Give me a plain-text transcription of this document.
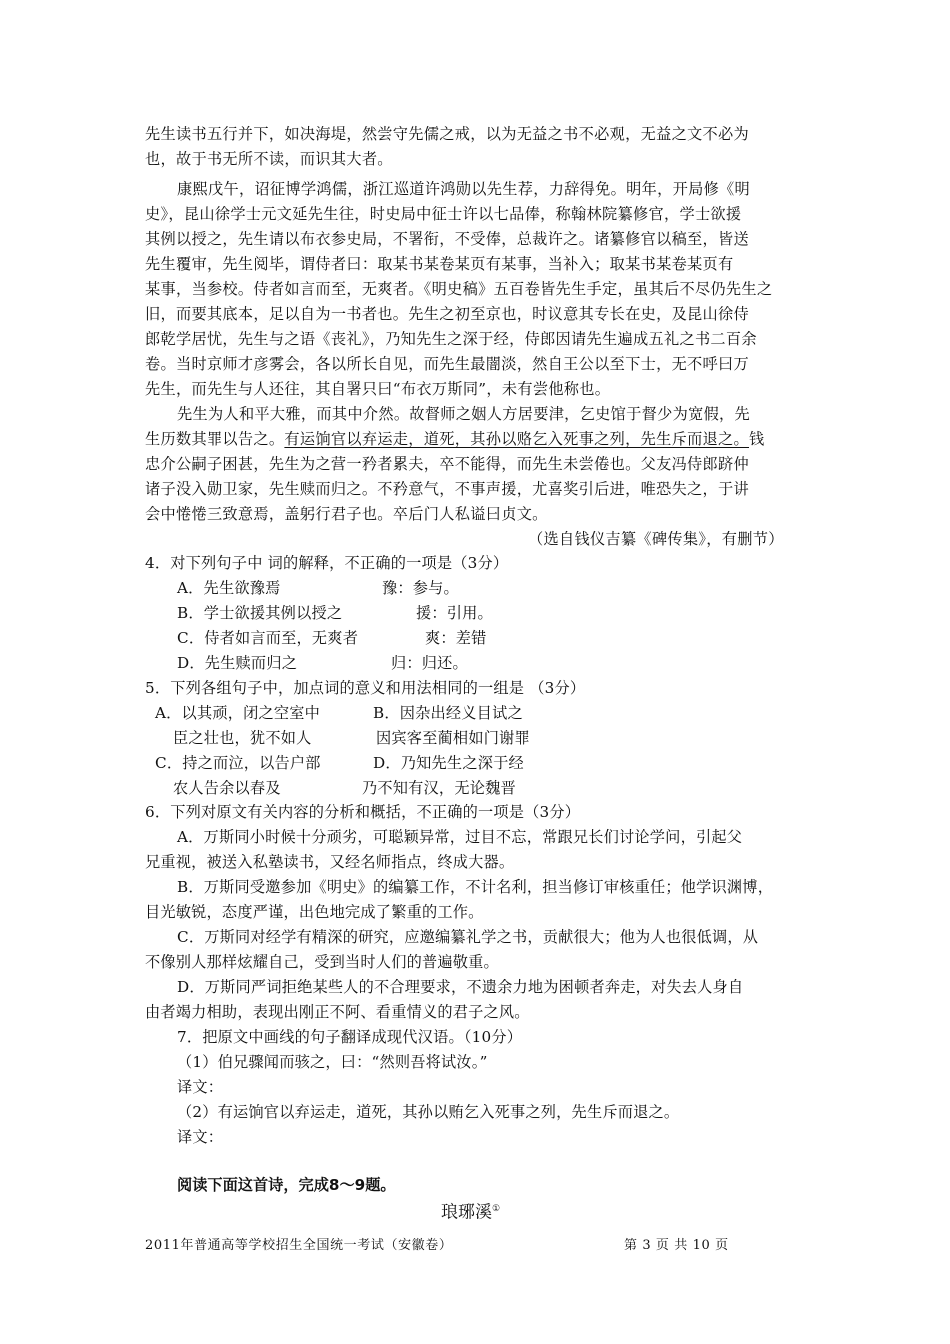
先生读书五行并下，如决海堤，然尝守先儒之戒，以为无益之书不必观，无益之文不必为
也，故于书无所不读，而识其大者。
康熙戊午，诏征博学鸿儒，浙江巡道许鸿勋以先生荐，力辞得免。明年，开局修《明
史》，昆山徐学士元文延先生往，时史局中征士许以七品俸，称翰林院纂修官，学士欲援
其例以授之，先生请以布衣参史局，不署衔，不受俸，总裁许之。诸纂修官以稿至，皆送
先生覆审，先生阅毕，谓侍者曰：取某书某卷某页有某事，当补入；取某书某卷某页有
某事，当参校。侍者如言而至，无爽者。《明史稿》五百卷皆先生手定，虽其后不尽仍先生之
旧，而要其底本，足以自为一书者也。先生之初至京也，时议意其专长在史，及昆山徐侍
郎乾学居忧，先生与之语《丧礼》，乃知先生之深于经，侍郎因请先生遍成五礼之书二百余
卷。当时京师才彦雾会，各以所长自见，而先生最闇淡，然自王公以至下士，无不呼曰万
先生，而先生与人还往，其自署只曰“布衣万斯同”，未有尝他称也。
先生为人和平大雅，而其中介然。故督师之姻人方居要津，乞史馆于督少为宽假，先
生历数其罪以告之。有运饷官以弃运走，道死，其孙以赂乞入死事之列，先生斥而退之。钱
忠介公嗣子困甚，先生为之营一矜者累夫，卒不能得，而先生未尝倦也。父友冯侍郎跻仲
诸子没入勋卫家，先生赎而归之。不矜意气，不事声援，尤喜奖引后进，唯恐失之，于讲
会中惓惓三致意焉，盖躬行君子也。卒后门人私谥曰贞文。
（选自钱仪吉纂《碑传集》，有删节）
4．对下列句子中 词的解释，不正确的一项是（3分）
A．先生欲豫焉	豫：参与。
B．学士欲援其例以授之	援：引用。
C．侍者如言而至，无爽者	爽：差错
D．先生赎而归之	归：归还。
5．下列各组句子中，加点词的意义和用法相同的一组是 （3分）
A．以其顽，闭之空室中	B．因杂出经义目试之
臣之壮也，犹不如人	因宾客至蔺相如门谢罪
C．持之而泣，以告户部	D．乃知先生之深于经
农人告余以春及	乃不知有汉，无论魏晋
6．下列对原文有关内容的分析和概括，不正确的一项是（3分）
A．万斯同小时候十分顽劣，可聪颖异常，过目不忘，常跟兄长们讨论学问，引起父
兄重视，被送入私塾读书，又经名师指点，终成大器。
B．万斯同受邀参加《明史》的编纂工作，不计名利，担当修订审核重任；他学识渊博，
目光敏锐，态度严谨，出色地完成了繁重的工作。
C．万斯同对经学有精深的研究，应邀编纂礼学之书，贡献很大；他为人也很低调，从
不像别人那样炫耀自己，受到当时人们的普遍敬重。
D．万斯同严词拒绝某些人的不合理要求，不遗余力地为困顿者奔走，对失去人身自
由者竭力相助，表现出刚正不阿、看重情义的君子之风。
7．把原文中画线的句子翻译成现代汉语。（10分）
（1）伯兄骤闻而骇之，曰：“然则吾将试汝。”
译文：
（2）有运饷官以弃运走，道死，其孙以贿乞入死事之列，先生斥而退之。
译文：
阅读下面这首诗，完成8～9题。
琅琊溪①
2011年普通高等学校招生全国统一考试（安徽卷）	第 3 页 共 10 页
